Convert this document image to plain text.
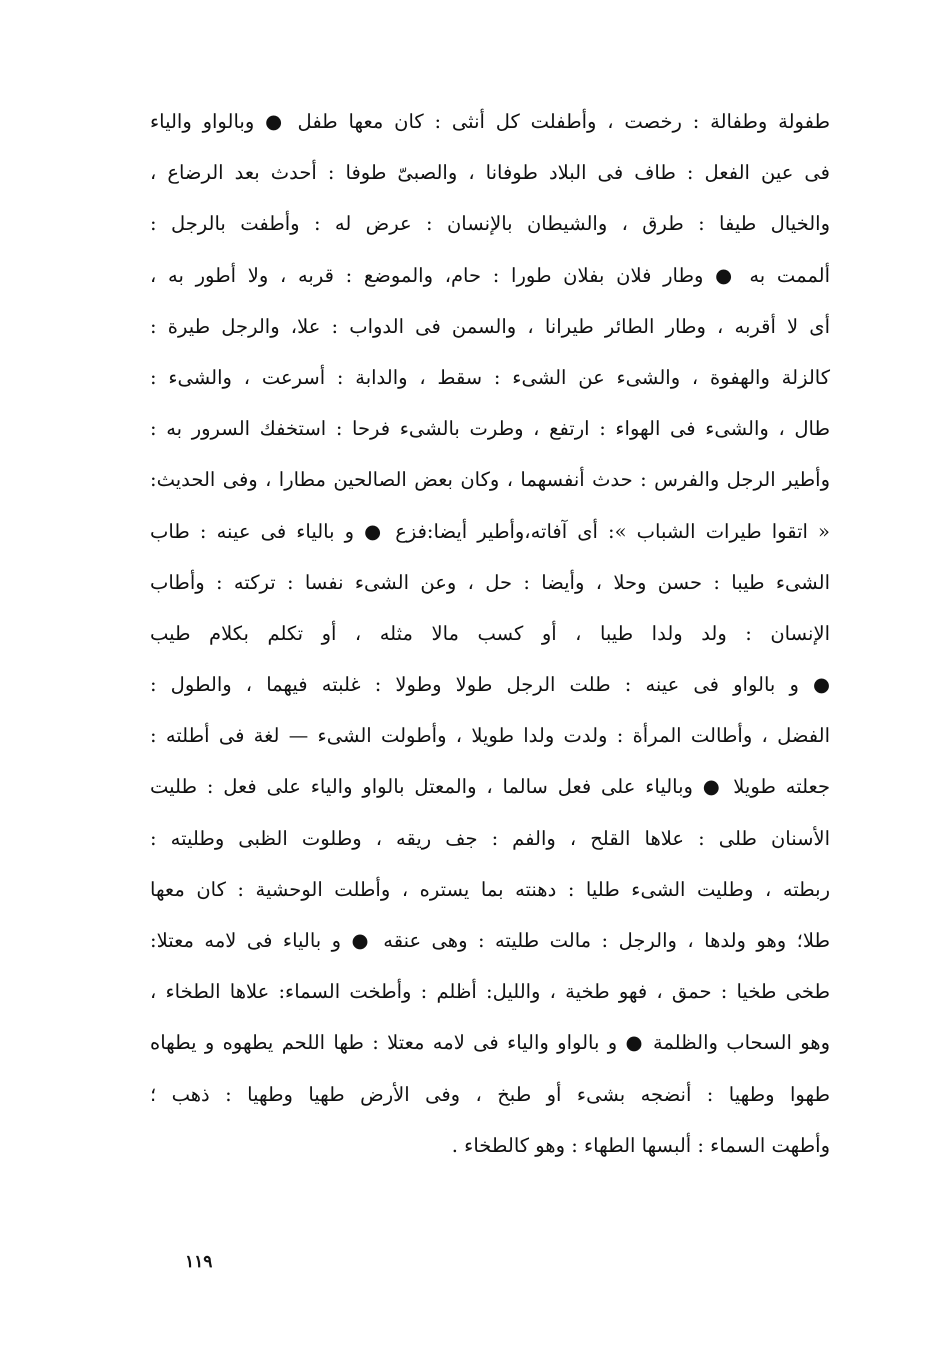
طفولة وطفالة : رخصت ، وأطفلت كل أنثى : كان معها طفل ● وبالواو والياء
فى عين الفعل : طاف فى البلاد طوفانا ، والصبىّ طوفا : أحدث بعد الرضاع ،
والخيال طيفا : طرق ، والشيطان بالإنسان : عرض له : وأطفت بالرجل :
ألممت به ● وطار فلان بفلان طورا : حام، والموضع : قربه ، ولا أطور به ،
أى لا أقربه ، وطار الطائر طيرانا ، والسمن فى الدواب : علا، والرجل طيرة :
كالزلة والهفوة ، والشىء عن الشىء : سقط ، والدابة : أسرعت ، والشىء :
طال ، والشىء فى الهواء : ارتفع ، وطرت بالشىء فرحا : استخفك السرور به :
وأطير الرجل والفرس : حدث أنفسهما ، وكان بعض الصالحين مطارا ، وفى الحديث:
« اتقوا طيرات الشباب »: أى آفاته،وأطير أيضا:فزع ● و بالياء فى عينه : طاب
الشىء طيبا : حسن وحلا ، وأيضا : حل ، وعن الشىء نفسا : تركته : وأطاب
الإنسان : ولد ولدا طيبا ، أو كسب مالا مثله ، أو تكلم بكلام طيب
● و بالواو فى عينه : طلت الرجل طولا وطولا : غلبته فيهما ، والطول :
الفضل ، وأطالت المرأة : ولدت ولدا طويلا ، وأطولت الشىء — لغة فى أطلته :
جعلته طويلا ● وبالياء على فعل سالما ، والمعتل بالواو والياء على فعل : طليت
الأسنان طلى : علاها القلح ، والفم : جف ريقه ، وطلوت الظبى وطليته :
ربطته ، وطليت الشىء طليا : دهنته بما يستره ، وأطلت الوحشية : كان معها
طلا؛ وهو ولدها ، والرجل : مالت طليته : وهى عنقه ● و بالياء فى لامه معتلا:
طخى طخيا : حمق ، فهو طخية ، والليل: أظلم : وأطخت السماء: علاها الطخاء ،
وهو السحاب والظلمة ● و بالواو والياء فى لامه معتلا : طها اللحم يطهوه و يطهاه
طهوا وطهيا : أنضجه بشىء أو طبخ ، وفى الأرض طهيا وطهيا : ذهب ؛
وأطهت السماء : ألبسها الطهاء : وهو كالطخاء .
١١٩
